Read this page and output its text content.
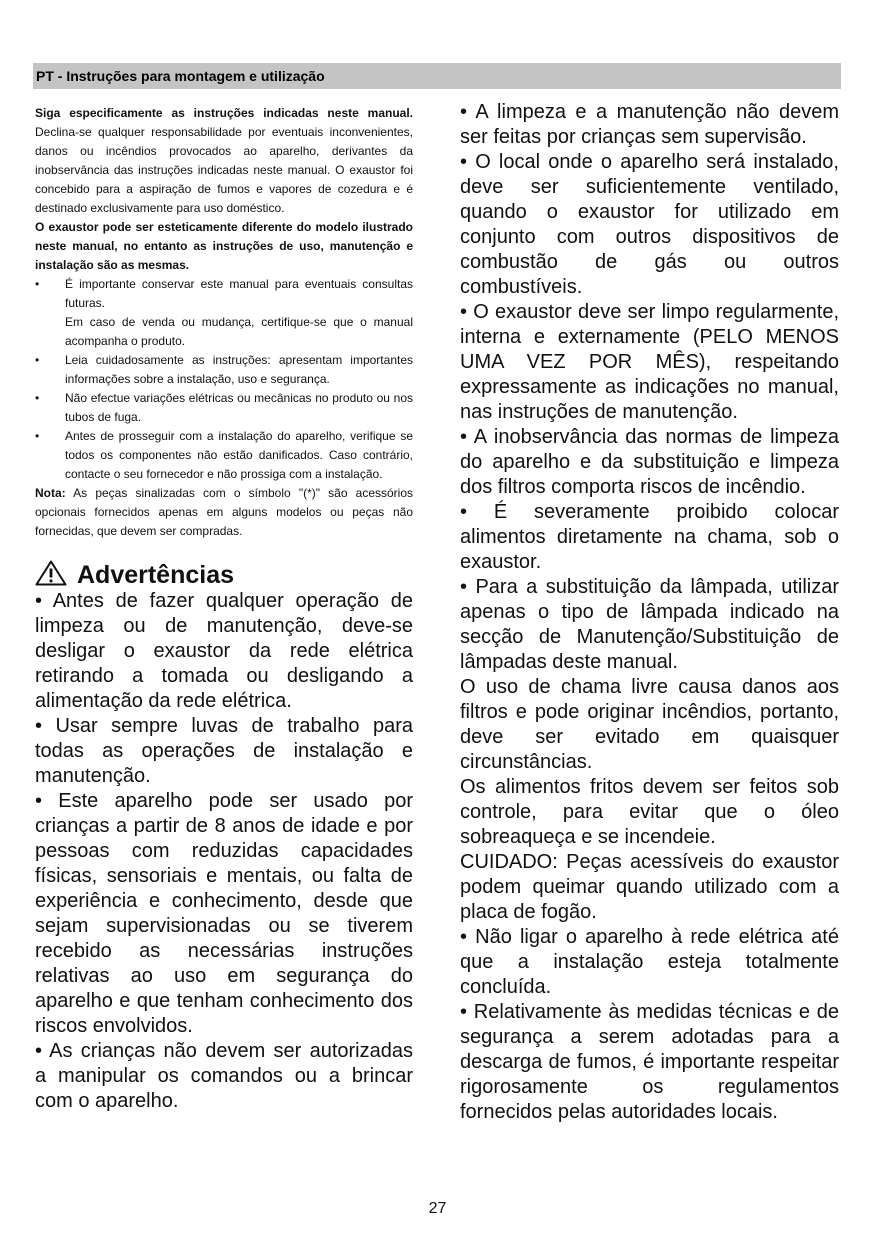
PT - Instruções para montagem e utilização

Siga especificamente as instruções indicadas neste manual. Declina-se qualquer responsabilidade por eventuais inconvenientes, danos ou incêndios provocados ao aparelho, derivantes da inobservância das instruções indicadas neste manual. O exaustor foi concebido para a aspiração de fumos e vapores de cozedura e é destinado exclusivamente para uso doméstico.

O exaustor pode ser esteticamente diferente do modelo ilustrado neste manual, no entanto as instruções de uso, manutenção e instalação são as mesmas.

• É importante conservar este manual para eventuais consultas futuras.

Em caso de venda ou mudança, certifique-se que o manual acompanha o produto.

• Leia cuidadosamente as instruções: apresentam importantes informações sobre a instalação, uso e segurança.

• Não efectue variações elétricas ou mecânicas no produto ou nos tubos de fuga.

• Antes de prosseguir com a instalação do aparelho, verifique se todos os componentes não estão danificados. Caso contrário, contacte o seu fornecedor e não prossiga com a instalação.

Nota: As peças sinalizadas com o símbolo "(*)" são acessórios opcionais fornecidos apenas em alguns modelos ou peças não fornecidas, que devem ser compradas.

Advertências

• Antes de fazer qualquer operação de limpeza ou de manutenção, deve-se desligar o exaustor da rede elétrica retirando a tomada ou desligando a alimentação da rede elétrica.

• Usar sempre luvas de trabalho para todas as operações de instalação e manutenção.

• Este aparelho pode ser usado por crianças a partir de 8 anos de idade e por pessoas com reduzidas capacidades físicas, sensoriais e mentais, ou falta de experiência e conhecimento, desde que sejam supervisionadas ou se tiverem recebido as necessárias instruções relativas ao uso em segurança do aparelho e que tenham conhecimento dos riscos envolvidos.

• As crianças não devem ser autorizadas a manipular os comandos ou a brincar com o aparelho.

• A limpeza e a manutenção não devem ser feitas por crianças sem supervisão.

• O local onde o aparelho será instalado, deve ser suficientemente ventilado, quando o exaustor for utilizado em conjunto com outros dispositivos de combustão de gás ou outros combustíveis.

• O exaustor deve ser limpo regularmente, interna e externamente (PELO MENOS UMA VEZ POR MÊS), respeitando expressamente as indicações no manual, nas instruções de manutenção.

• A inobservância das normas de limpeza do aparelho e da substituição e limpeza dos filtros comporta riscos de incêndio.

• É severamente proibido colocar alimentos diretamente na chama, sob o exaustor.

• Para a substituição da lâmpada, utilizar apenas o tipo de lâmpada indicado na secção de Manutenção/Substituição de lâmpadas deste manual.

O uso de chama livre causa danos aos filtros e pode originar incêndios, portanto, deve ser evitado em quaisquer circunstâncias.

Os alimentos fritos devem ser feitos sob controle, para evitar que o óleo sobreaqueça e se incendeie.

CUIDADO: Peças acessíveis do exaustor podem queimar quando utilizado com a placa de fogão.

• Não ligar o aparelho à rede elétrica até que a instalação esteja totalmente concluída.

• Relativamente às medidas técnicas e de segurança a serem adotadas para a descarga de fumos, é importante respeitar rigorosamente os regulamentos fornecidos pelas autoridades locais.

27
